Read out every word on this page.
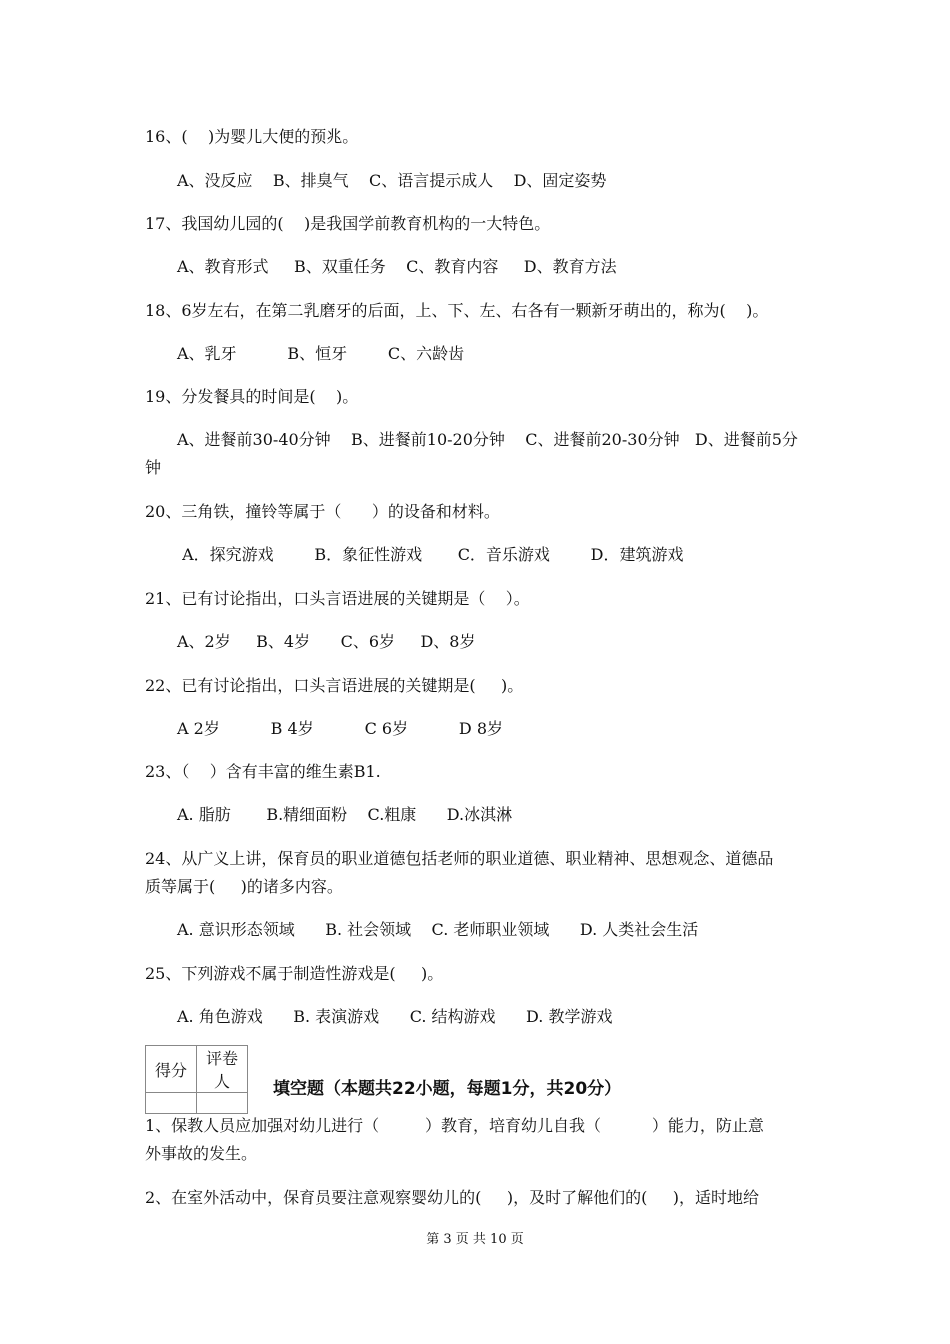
16、(    )为婴儿大便的预兆。
A、没反应    B、排臭气    C、语言提示成人    D、固定姿势
17、我国幼儿园的(    )是我国学前教育机构的一大特色。
A、教育形式     B、双重任务    C、教育内容     D、教育方法
18、6岁左右，在第二乳磨牙的后面，上、下、左、右各有一颗新牙萌出的，称为(    )。
A、乳牙          B、恒牙        C、六龄齿
19、分发餐具的时间是(    )。
A、进餐前30-40分钟    B、进餐前10-20分钟    C、进餐前20-30分钟   D、进餐前5分
钟
20、三角铁，撞铃等属于（      ）的设备和材料。
A．探究游戏        B．象征性游戏       C．音乐游戏        D．建筑游戏
21、已有讨论指出，口头言语进展的关键期是（    ）。
A、2岁     B、4岁      C、6岁     D、8岁
22、已有讨论指出，口头言语进展的关键期是(     )。
A 2岁          B 4岁          C 6岁          D 8岁
23、（    ）含有丰富的维生素B1.
A. 脂肪       B.精细面粉    C.粗康      D.冰淇淋
24、从广义上讲，保育员的职业道德包括老师的职业道德、职业精神、思想观念、道德品
质等属于(     )的诸多内容。
A. 意识形态领域      B. 社会领域    C. 老师职业领域      D. 人类社会生活
25、下列游戏不属于制造性游戏是(     )。
A. 角色游戏      B. 表演游戏      C. 结构游戏      D. 教学游戏
得分	评卷人
		填空题（本题共22小题，每题1分，共20分）
1、保教人员应加强对幼儿进行（         ）教育，培育幼儿自我（          ）能力，防止意
外事故的发生。
2、在室外活动中，保育员要注意观察婴幼儿的(     )，及时了解他们的(     )，适时地给
第 3 页 共 10 页
